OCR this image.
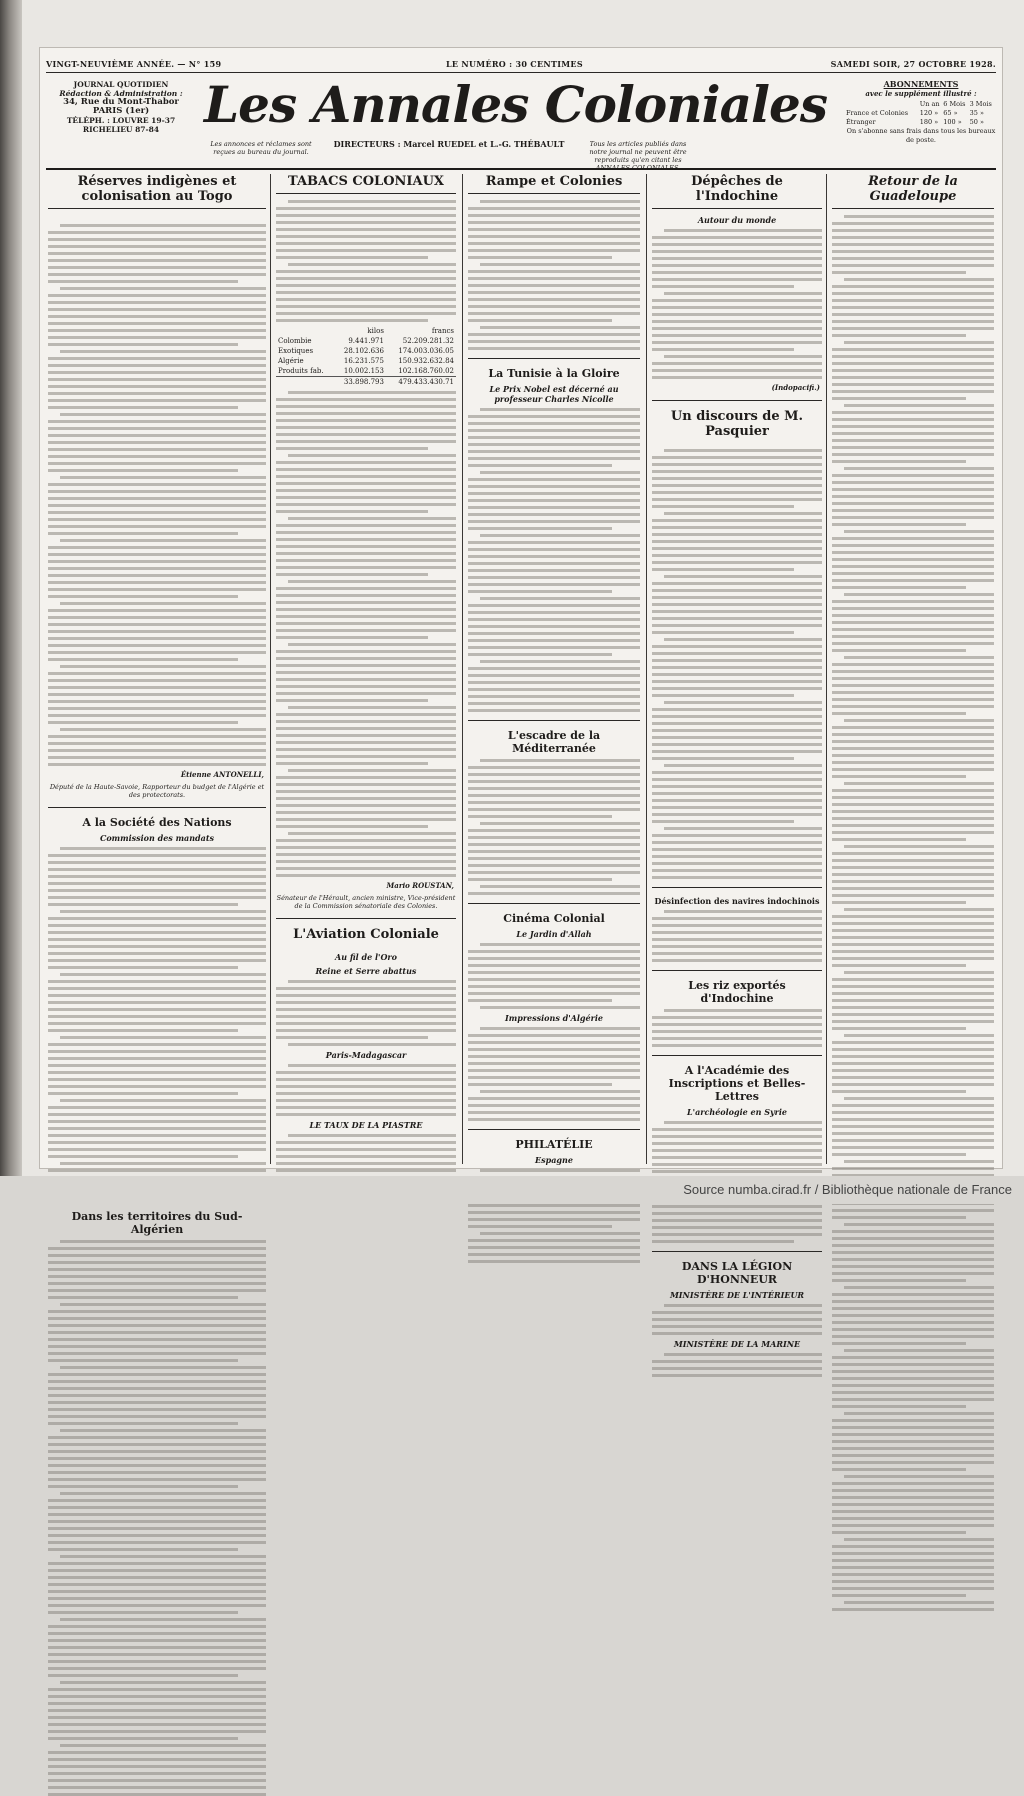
VINGT-NEUVIÈME ANNÉE. — N° 159	LE NUMÉRO : 30 CENTIMES	SAMEDI SOIR, 27 OCTOBRE 1928.
JOURNAL QUOTIDIEN
Rédaction & Administration :
34, Rue du Mont-Thabor
PARIS (1er)
TÉLÉPH. : LOUVRE 19-37
RICHELIEU 87-84 Les Annales Coloniales
Les annonces et réclames sont reçues au bureau du journal.
DIRECTEURS : Marcel RUEDEL et L.-G. THÉBAULT	Tous les articles publiés dans notre journal ne peuvent être reproduits qu'en citant les ANNALES COLONIALES.
ABONNEMENTS
avec le supplément illustré :
	Un an	6 Mois	3 Mois
France et Colonies	120 »	65 »	35 »
Étranger	180 »	100 »	50 »
On s'abonne sans frais dans tous les bureaux de poste.
Réserves indigènes et colonisation au Togo
TABACS COLONIAUX
	kilos	francs
Colombie	9.441.971	52.209.281.32
Exotiques	28.102.636	174.003.036.05
Algérie	16.231.575	150.932.632.84
Produits fab.	10.002.153	102.168.760.02
	33.898.793	479.433.430.71
Mario ROUSTAN,
Sénateur de l'Hérault, ancien ministre, Vice-président de la Commission sénatoriale des Colonies.
L'Aviation Coloniale
Au fil de l'Oro
Reine et Serre abattus
Paris-Madagascar
LE TAUX DE LA PIASTRE
Rampe et Colonies
La Tunisie à la Gloire
Le Prix Nobel est décerné au professeur Charles Nicolle
L'escadre de la Méditerranée
Cinéma Colonial
Le Jardin d'Allah
Impressions d'Algérie
PHILATÉLIE
Espagne
Dépêches de l'Indochine
Autour du monde
(Indopacifi.)
Un discours de M. Pasquier
Désinfection des navires indochinois
Les riz exportés d'Indochine
A l'Académie des Inscriptions et Belles-Lettres
L'archéologie en Syrie
DANS LA LÉGION D'HONNEUR
MINISTÈRE DE L'INTÉRIEUR
MINISTÈRE DE LA MARINE
Retour de la Guadeloupe
Étienne ANTONELLI,
Député de la Haute-Savoie, Rapporteur du budget de l'Algérie et des protectorats.
A la Société des Nations
Commission des mandats
Dans les territoires du Sud-Algérien
Source numba.cirad.fr / Bibliothèque nationale de France
